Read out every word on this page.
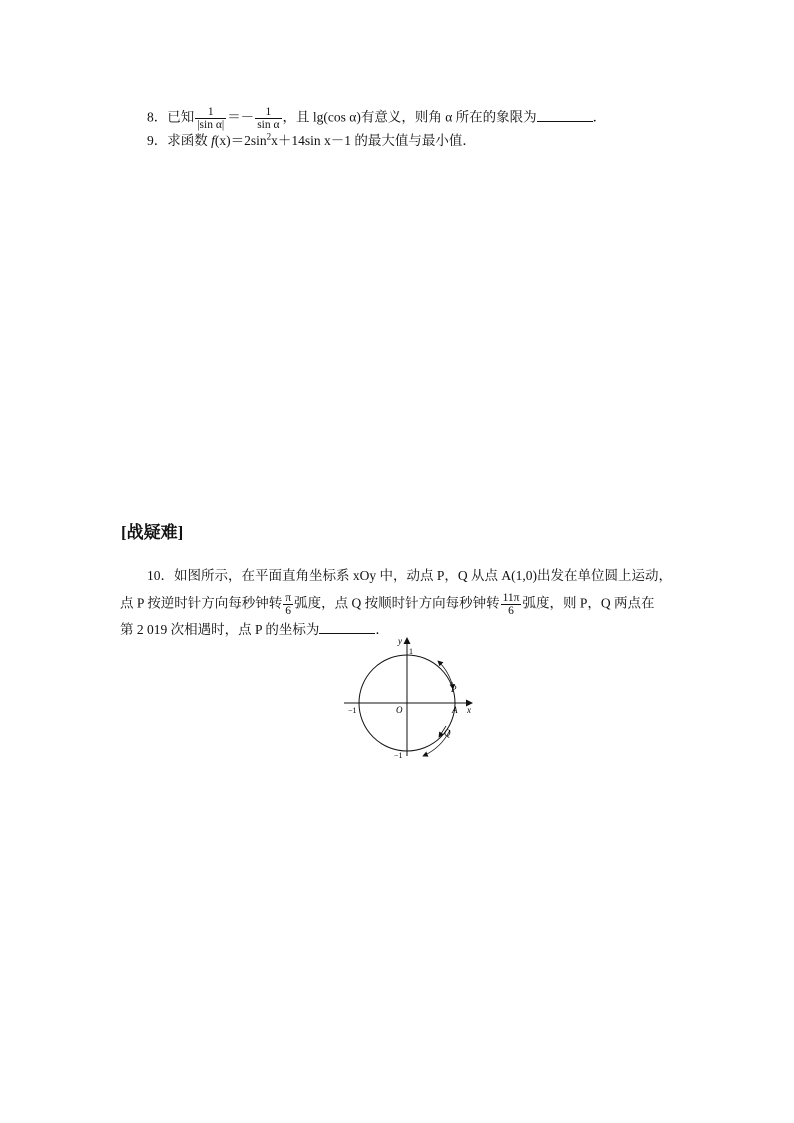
8．已知 $\frac{1}{\text{|sin α|}} =- \frac{1}{\text{sin α}}$ ，且 lg(cos α)有意义，则角 α 所在的象限为	．
9．求函数 $f(x)=2\sin^2x+14\sin$ x－1 的最大值与最小值．
[战疑难]
10．如图所示，在平面直角坐标系 xOy 中，动点 P，Q 从点 A(1,0)出发在单位圆上运动，
点 P 按逆时针方向每秒钟转 $\frac{\pi}{6}$ 弧度，点 Q 按顺时针方向每秒钟转 $\frac{11\pi}{6}$ 弧度，则 P，Q 两点在
第 2 019 次相遇时，点 P 的坐标为	．
y
x
1
−1
−1
O	A
P
Q
